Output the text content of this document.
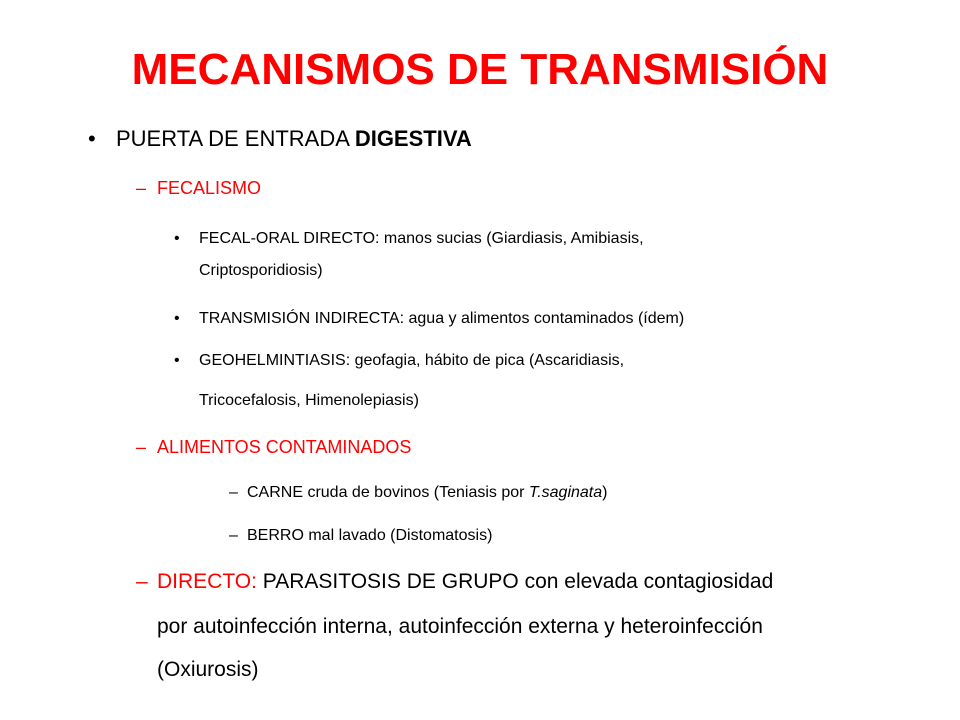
MECANISMOS DE TRANSMISIÓN
• PUERTA DE ENTRADA DIGESTIVA
– FECALISMO
• FECAL-ORAL DIRECTO: manos sucias (Giardiasis, Amibiasis,
Criptosporidiosis)
• TRANSMISIÓN INDIRECTA: agua y alimentos contaminados (ídem)
• GEOHELMINTIASIS: geofagia, hábito de pica (Ascaridiasis,
Tricocefalosis, Himenolepiasis)
– ALIMENTOS CONTAMINADOS
– CARNE cruda de bovinos (Teniasis por T.saginata)
– BERRO mal lavado (Distomatosis)
– DIRECTO: PARASITOSIS DE GRUPO con elevada contagiosidad
por autoinfección interna, autoinfección externa y heteroinfección
(Oxiurosis)
